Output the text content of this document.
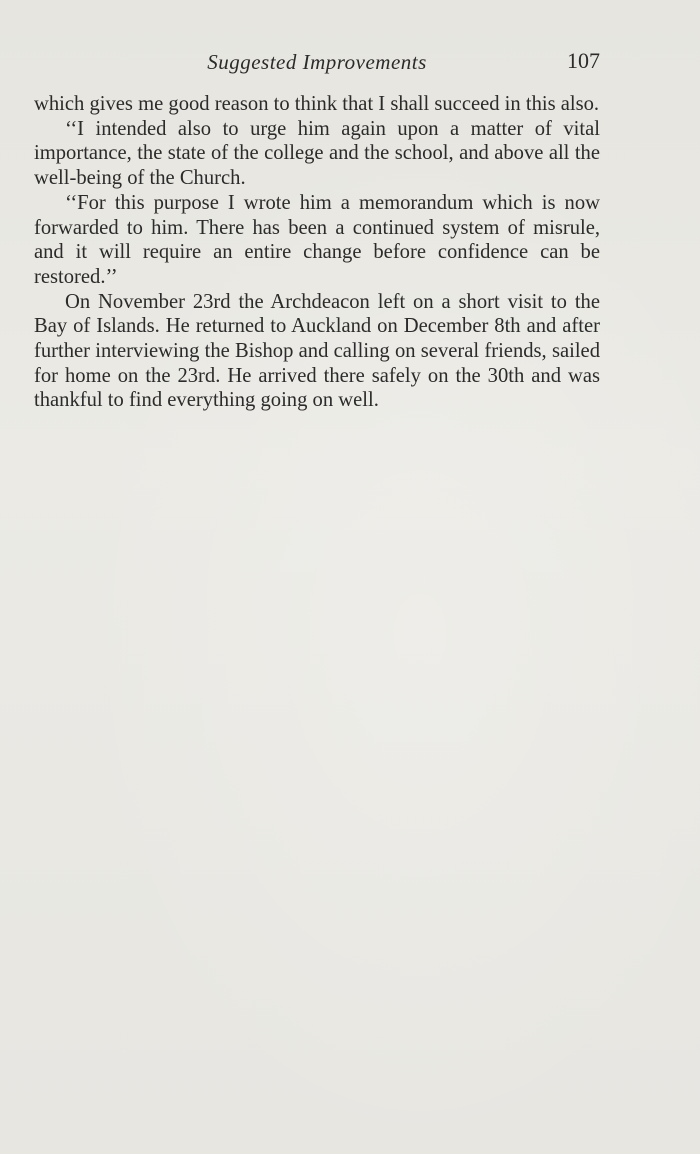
Suggested Improvements	107

which gives me good reason to think that I shall succeed in this also.

‘‘I intended also to urge him again upon a matter of vital importance, the state of the college and the school, and above all the well-being of the Church.

‘‘For this purpose I wrote him a memorandum which is now forwarded to him. There has been a continued system of misrule, and it will require an entire change before confidence can be restored.’’

On November 23rd the Archdeacon left on a short visit to the Bay of Islands. He returned to Auckland on December 8th and after further interviewing the Bishop and calling on several friends, sailed for home on the 23rd. He arrived there safely on the 30th and was thankful to find everything going on well.
